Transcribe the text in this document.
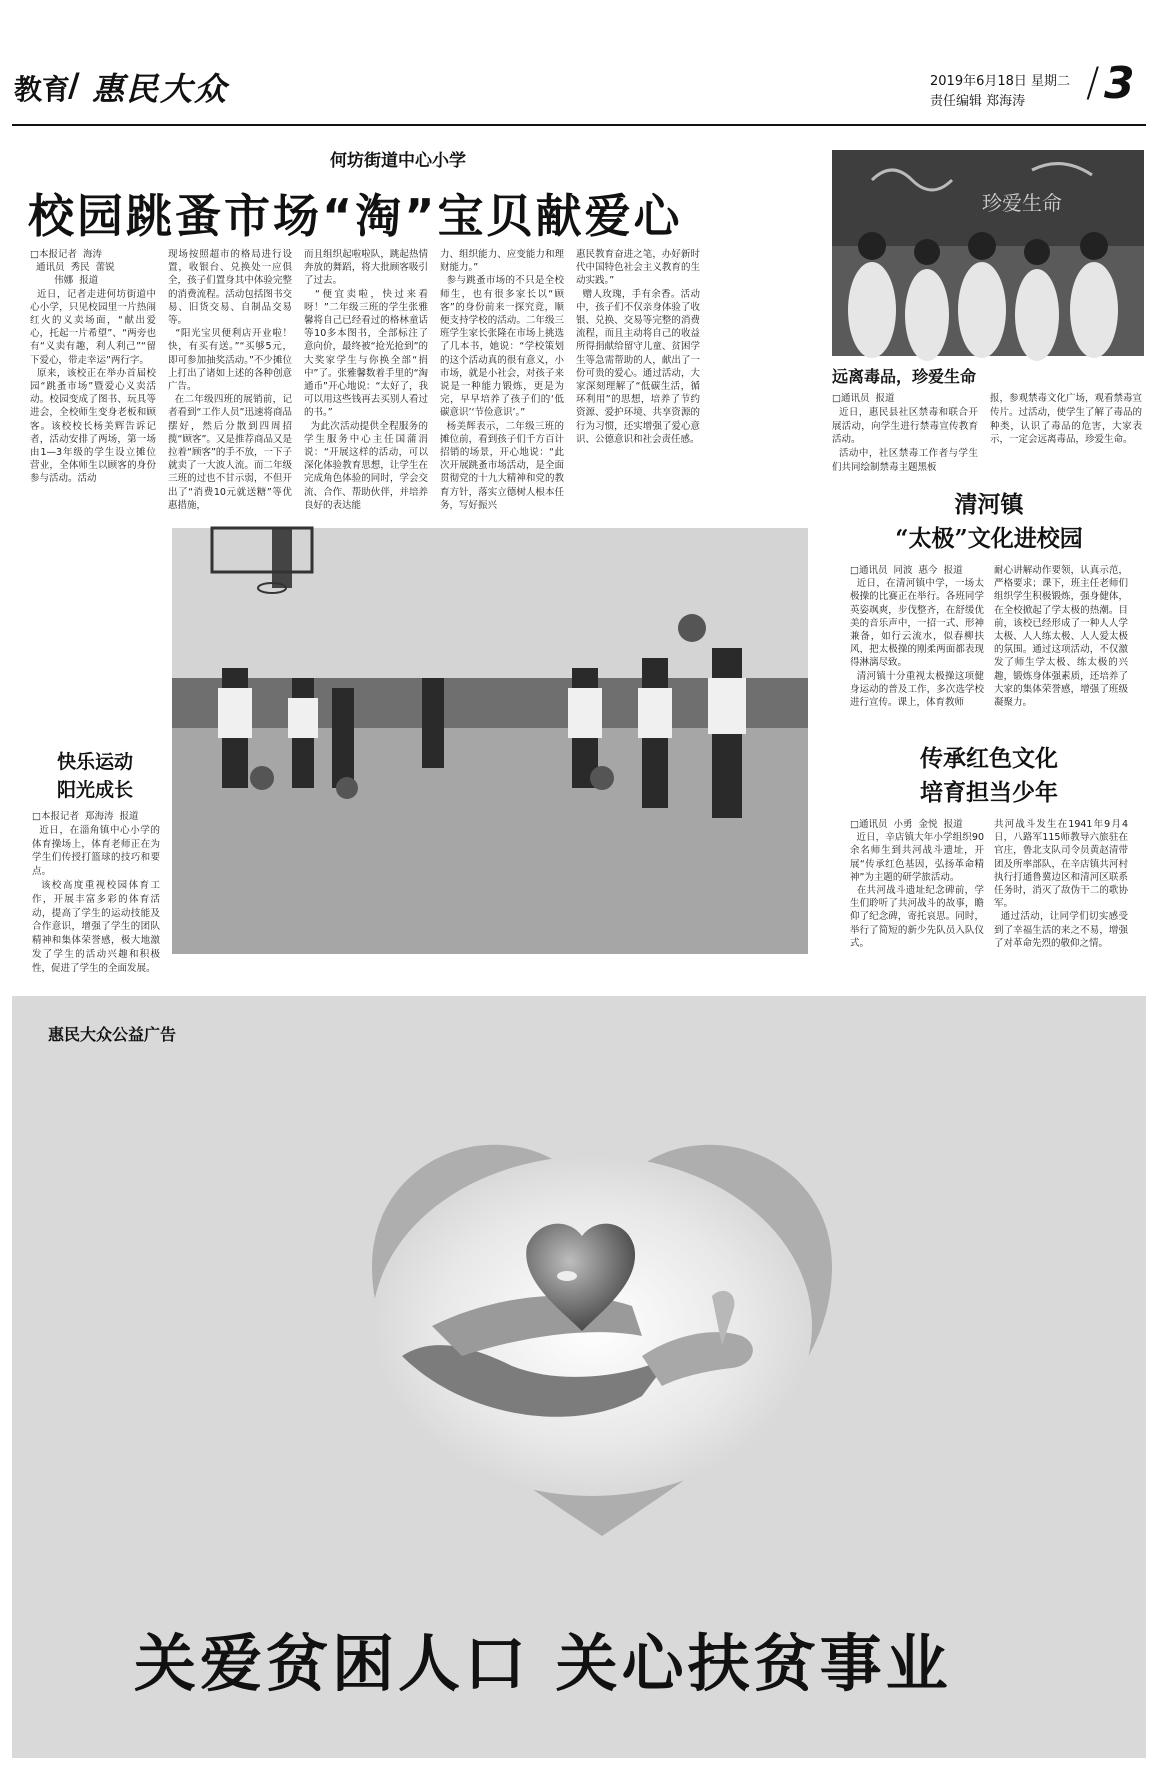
教育
/ 惠民大众	2019年6月18日 星期二
责任编辑 郑海涛 / 3
何坊街道中心小学
校园跳蚤市场“淘”宝贝献爱心
□本报记者  海涛
通讯员  秀民  蕾锐
伟娜  报道
近日，记者走进何坊街道中心小学，只见校园里一片热闹红火的义卖场面，“献出爱心，托起一片希望”、“两旁也有“义卖有趣，利人利己”“留下爱心，带走幸运”两行字。
原来，该校正在举办首届校园“跳蚤市场”暨爱心义卖活动。校园变成了图书、玩具等进会，全校师生变身老板和顾客。该校校长杨美辉告诉记者，活动安排了两场，第一场由1—3年级的学生设立摊位营业，全体师生以顾客的身份参与活动。活动
现场按照超市的格局进行设置，收银台、兑换处一应俱全，孩子们置身其中体验完整的消费流程。活动包括图书交易、旧货交易、自制品交易等。
“阳光宝贝便利店开业啦！快，有买有送。”“买够5元，即可参加抽奖活动。”不少摊位上打出了诸如上述的各种创意广告。
在二年级四班的展销前，记者看到“工作人员”迅速将商品摆好，然后分散到四周招揽“顾客”。又是推荐商品又是拉着“顾客”的手不放，一下子就卖了一大波人流。而二年级三班的过也不甘示弱，不但开出了“消费10元就送糖”等优惠措施，
而且组织起啦啦队，跳起热情奔放的舞蹈，将大批顾客吸引了过去。
“便宜卖啦，快过来看呀！”二年级三班的学生张雅馨将自己已经看过的格林童话等10多本图书，全部标注了意向价，最终被“抢光抢到”的大奖家学生与你换全部“捐中”了。张雅馨数着手里的“淘通币”开心地说：“太好了，我可以用这些钱再去买别人看过的书。”
为此次活动提供全程服务的学生服务中心主任国蒲涓说：“开展这样的活动，可以深化体验教育思想，让学生在完成角色体验的同时，学会交流、合作、帮助伙伴，并培养良好的表达能
力、组织能力、应变能力和理财能力。”
参与跳蚤市场的不只是全校师生，也有很多家长以“顾客”的身份前来一探究竟，顺便支持学校的活动。二年级三班学生家长张隆在市场上挑选了几本书，她说：“学校策划的这个活动真的很有意义，小市场，就是小社会，对孩子来说是一种能力锻炼，更是为完，早早培养了孩子们的‘低碳意识’‘节俭意识’。”
杨美辉表示，二年级三班的摊位前，看到孩子们千方百计招销的场景，开心地说：“此次开展跳蚤市场活动，是全面贯彻党的十九大精神和党的教育方针，落实立德树人根本任务，写好振兴
惠民教育奋进之笔，办好新时代中国特色社会主义教育的生动实践。”
赠人玫瑰，手有余香。活动中，孩子们不仅亲身体验了收银、兑换、交易等完整的消费流程，而且主动将自己的收益所得捐献给留守儿童、贫困学生等急需帮助的人，献出了一份可贵的爱心。通过活动，大家深刻理解了“低碳生活，循环利用”的思想，培养了节约资源、爱护环境、共享资源的行为习惯，还实增强了爱心意识、公德意识和社会责任感。
珍爱生命
远离毒品，珍爱生命
□通讯员  报道
近日，惠民县社区禁毒和联合开展活动，向学生进行禁毒宣传教育活动。
活动中，社区禁毒工作者与学生们共同绘制禁毒主题黑板
报，参观禁毒文化广场，观看禁毒宣传片。过活动，使学生了解了毒品的种类，认识了毒品的危害，大家表示，一定会远离毒品，珍爱生命。
清河镇
“太极”文化进校园
□通讯员  同波  惠今  报道
近日，在清河镇中学，一场太极操的比赛正在举行。各班同学英姿飒爽，步伐整齐，在舒缓优美的音乐声中，一招一式、形神兼备，如行云流水，似春柳扶风，把太极操的刚柔两面都表现得淋漓尽致。
清河镇十分重视太极操这项健身运动的普及工作，多次选学校进行宣传。课上，体育教师
耐心讲解动作要领，认真示范，严格要求；课下，班主任老师们组织学生积极锻炼，强身健体，在全校掀起了学太极的热潮。目前，该校已经形成了一种人人学太极、人人练太极、人人爱太极的氛围。通过这项活动，不仅激发了师生学太极、练太极的兴趣，锻炼身体强素质，还培养了大家的集体荣誉感，增强了班级凝聚力。
快乐运动
阳光成长
□本报记者  郑海涛  报道
近日，在淄角镇中心小学的体育操场上，体育老师正在为学生们传授打篮球的技巧和要点。
该校高度重视校园体育工作，开展丰富多彩的体育活动，提高了学生的运动技能及合作意识，增强了学生的团队精神和集体荣誉感，极大地激发了学生的活动兴趣和积极性，促进了学生的全面发展。
传承红色文化
培育担当少年
□通讯员  小勇  金悦  报道
近日，辛店镇大年小学组织90余名师生到共河战斗遗址，开展“传承红色基因，弘扬革命精神”为主题的研学旅活动。
在共河战斗遗址纪念碑前，学生们聆听了共河战斗的故事，瞻仰了纪念碑，寄托哀思。同时，举行了简短的新少先队员入队仪式。
共河战斗发生在1941年9月4日，八路军115师教导六旅驻在官庄，鲁北支队司令员黄赵清带团及所率部队，在辛店镇共河村执行打通鲁冀边区和清河区联系任务时，消灭了敌伪干二的歌协军。
通过活动，让同学们切实感受到了幸福生活的来之不易，增强了对革命先烈的敬仰之情。
惠民大众公益广告
关爱贫困人口 关心扶贫事业
